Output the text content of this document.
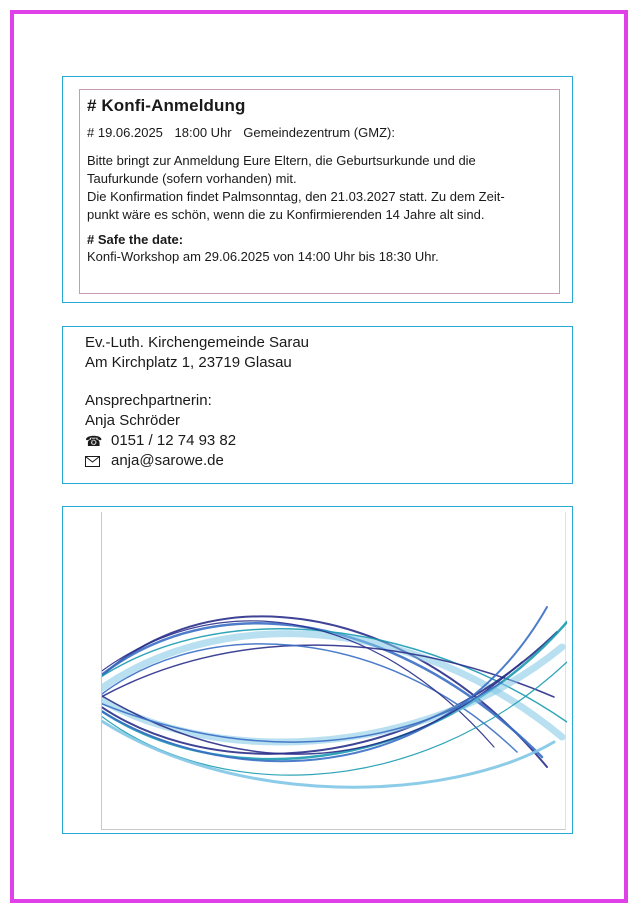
# Konfi-Anmeldung
# 19.06.2025 18:00 Uhr Gemeindezentrum (GMZ):
Bitte bringt zur Anmeldung Eure Eltern, die Geburtsurkunde und die
Taufurkunde (sofern vorhanden) mit.
Die Konfirmation findet Palmsonntag, den 21.03.2027 statt. Zu dem Zeit-
punkt wäre es schön, wenn die zu Konfirmierenden 14 Jahre alt sind.
# Safe the date:
Konfi-Workshop am 29.06.2025 von 14:00 Uhr bis 18:30 Uhr.
Ev.-Luth. Kirchengemeinde Sarau
Am Kirchplatz 1, 23719 Glasau
Ansprechpartnerin:
Anja Schröder
☎ 0151 / 12 74 93 82
anja@sarowe.de
